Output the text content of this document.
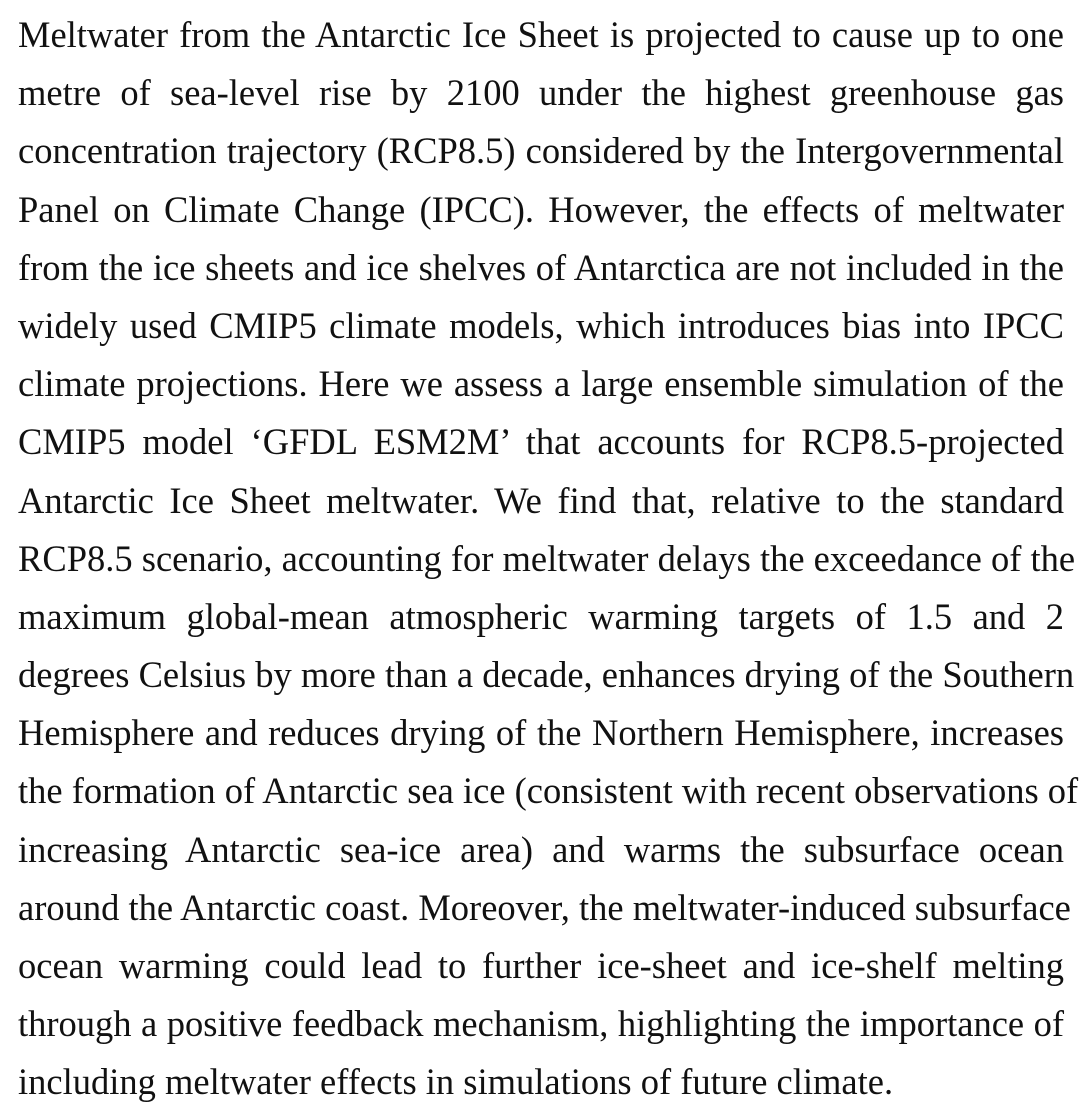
Meltwater from the Antarctic Ice Sheet is projected to cause up to one
metre of sea-level rise by 2100 under the highest greenhouse gas
concentration trajectory (RCP8.5) considered by the Intergovernmental
Panel on Climate Change (IPCC). However, the effects of meltwater
from the ice sheets and ice shelves of Antarctica are not included in the
widely used CMIP5 climate models, which introduces bias into IPCC
climate projections. Here we assess a large ensemble simulation of the
CMIP5 model ‘GFDL ESM2M’ that accounts for RCP8.5-projected
Antarctic Ice Sheet meltwater. We find that, relative to the standard
RCP8.5 scenario, accounting for meltwater delays the exceedance of the
maximum global-mean atmospheric warming targets of 1.5 and 2
degrees Celsius by more than a decade, enhances drying of the Southern
Hemisphere and reduces drying of the Northern Hemisphere, increases
the formation of Antarctic sea ice (consistent with recent observations of
increasing Antarctic sea-ice area) and warms the subsurface ocean
around the Antarctic coast. Moreover, the meltwater-induced subsurface
ocean warming could lead to further ice-sheet and ice-shelf melting
through a positive feedback mechanism, highlighting the importance of
including meltwater effects in simulations of future climate.
